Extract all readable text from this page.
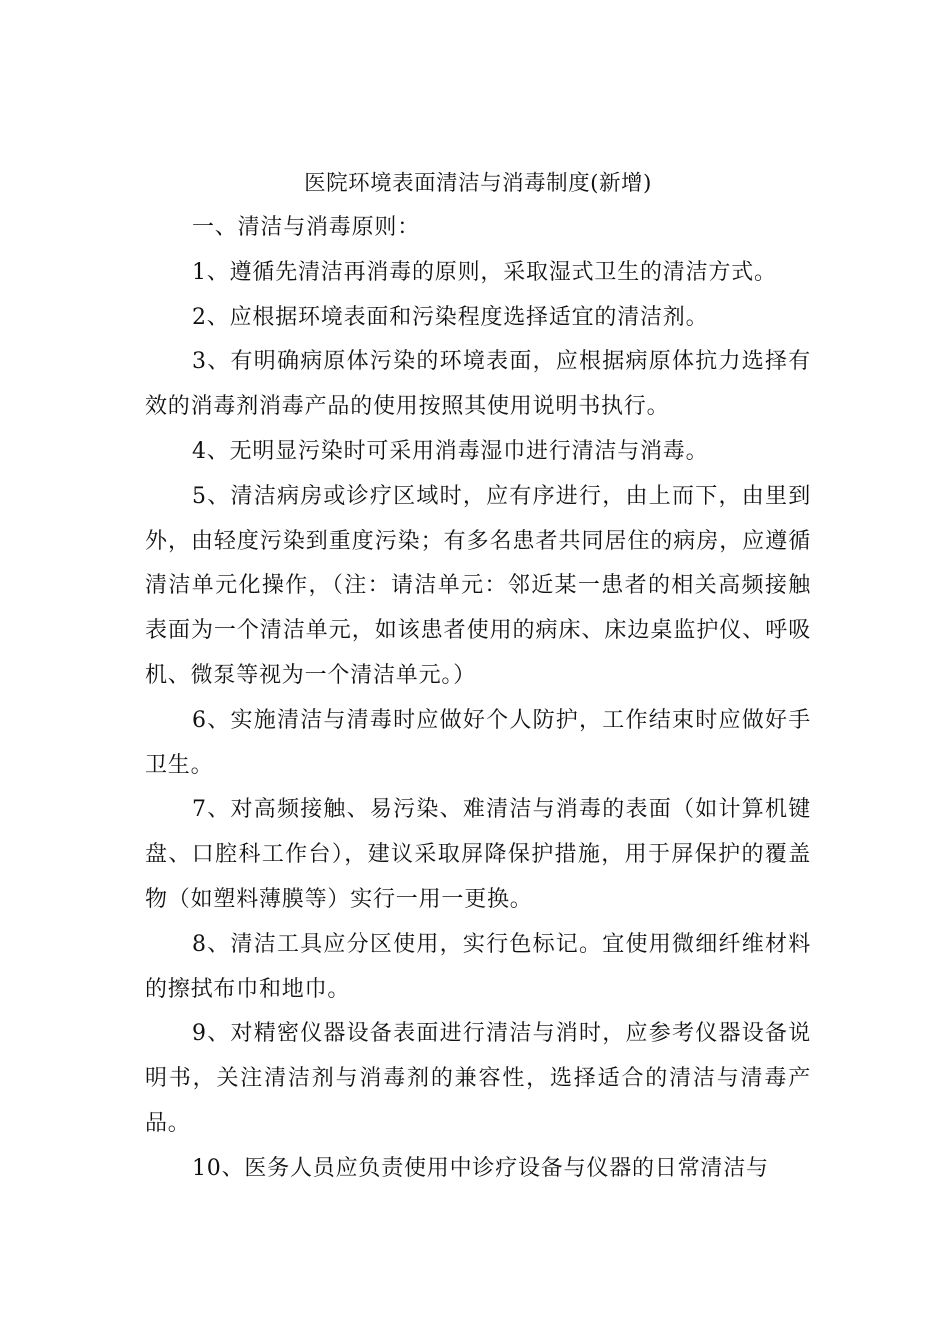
医院环境表面清洁与消毒制度(新增)

一、清洁与消毒原则：

1、遵循先清洁再消毒的原则，采取湿式卫生的清洁方式。

2、应根据环境表面和污染程度选择适宜的清洁剂。

3、有明确病原体污染的环境表面，应根据病原体抗力选择有效的消毒剂消毒产品的使用按照其使用说明书执行。

4、无明显污染时可采用消毒湿巾进行清洁与消毒。

5、清洁病房或诊疗区域时，应有序进行，由上而下，由里到外，由轻度污染到重度污染；有多名患者共同居住的病房，应遵循清洁单元化操作，（注：请洁单元：邻近某一患者的相关高频接触表面为一个清洁单元，如该患者使用的病床、床边桌监护仪、呼吸机、微泵等视为一个清洁单元。）

6、实施清洁与清毒时应做好个人防护，工作结束时应做好手卫生。

7、对高频接触、易污染、难清洁与消毒的表面（如计算机键盘、口腔科工作台），建议采取屏降保护措施，用于屏保护的覆盖物（如塑料薄膜等）实行一用一更换。

8、清洁工具应分区使用，实行色标记。宜使用微细纤维材料的擦拭布巾和地巾。

9、对精密仪器设备表面进行清洁与消时，应参考仪器设备说明书，关注清洁剂与消毒剂的兼容性，选择适合的清洁与清毒产品。

10、医务人员应负责使用中诊疗设备与仪器的日常清洁与
